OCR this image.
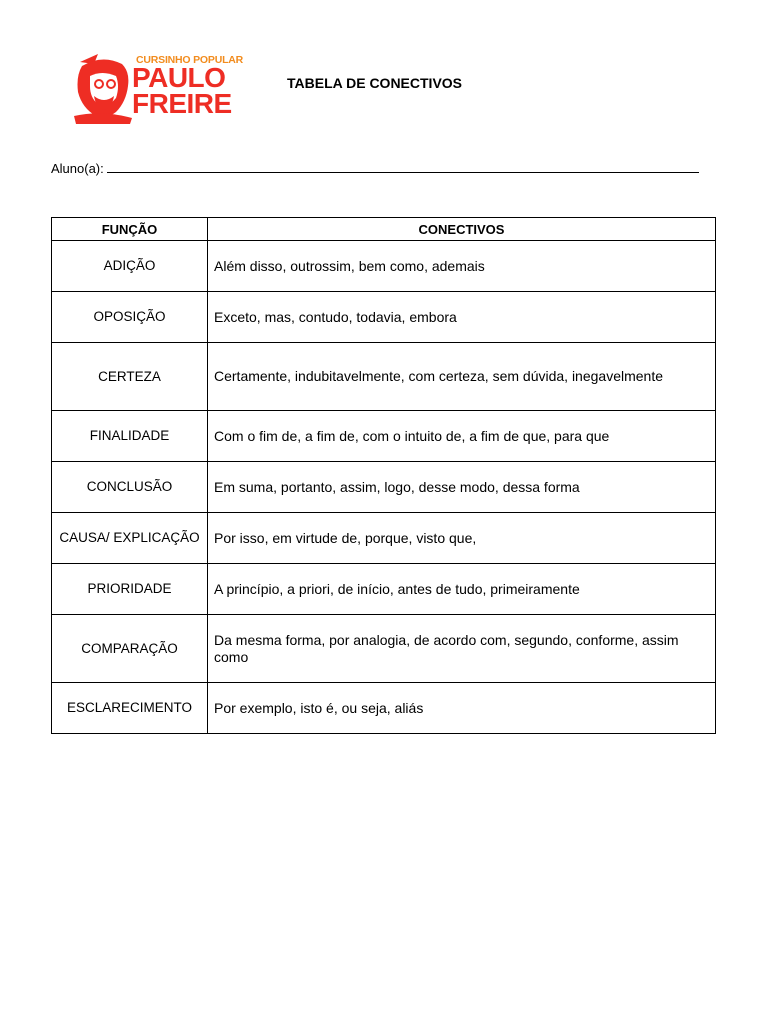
CURSINHO POPULAR
PAULO
FREIRE
TABELA DE CONECTIVOS
Aluno(a):
FUNÇÃO	CONECTIVOS
ADIÇÃO	Além disso, outrossim, bem como, ademais
OPOSIÇÃO	Exceto, mas, contudo, todavia, embora
CERTEZA	Certamente, indubitavelmente, com certeza, sem dúvida, inegavelmente
FINALIDADE	Com o fim de, a fim de, com o intuito de, a fim de que, para que
CONCLUSÃO	Em suma, portanto, assim, logo, desse modo, dessa forma
CAUSA/ EXPLICAÇÃO	Por isso, em virtude de, porque, visto que,
PRIORIDADE	A princípio, a priori, de início, antes de tudo, primeiramente
COMPARAÇÃO	Da mesma forma, por analogia, de acordo com, segundo, conforme, assim como
ESCLARECIMENTO	Por exemplo, isto é, ou seja, aliás
